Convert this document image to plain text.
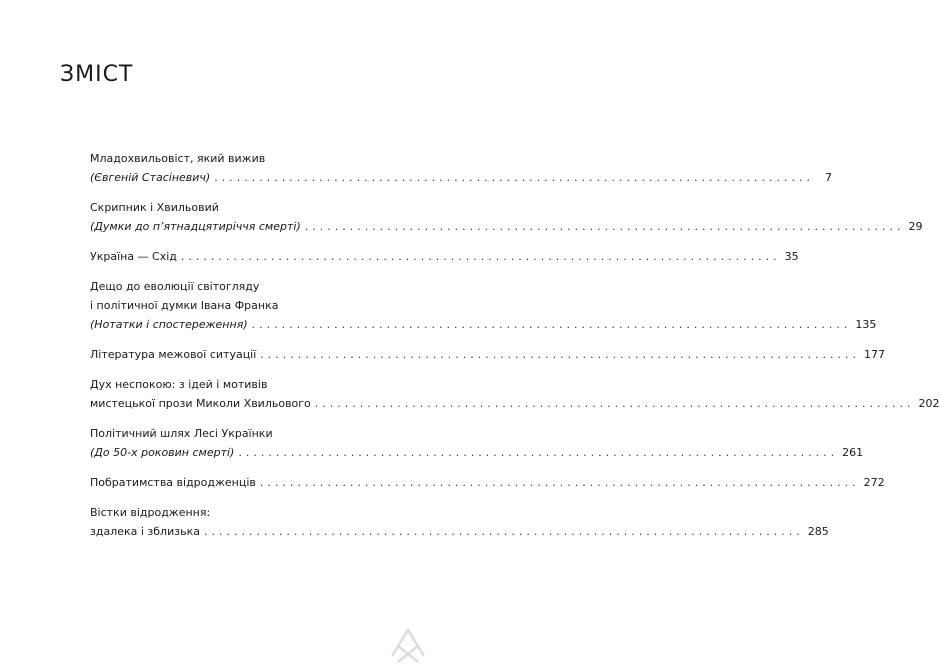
ЗМІСТ
Младохвильовіст, який вижив
(Євгеній Стасіневич) ................................................................................	7
Скрипник і Хвильовий
(Думки до п’ятнадцятиріччя смерті) ................................................................................ 29
Україна — Схід ................................................................................ 35
Дещо до еволюції світогляду
і політичної думки Івана Франка
(Нотатки і спостереження) ................................................................................ 135
Література межової ситуації ................................................................................ 177
Дух неспокою: з ідей і мотивів
мистецької прози Миколи Хвильового ................................................................................ 202
Політичний шлях Лесі Українки
(До 50-х роковин смерті) ................................................................................ 261
Побратимства відродженців ................................................................................ 272
Вістки відродження:
здалека і зблизька ................................................................................ 285
